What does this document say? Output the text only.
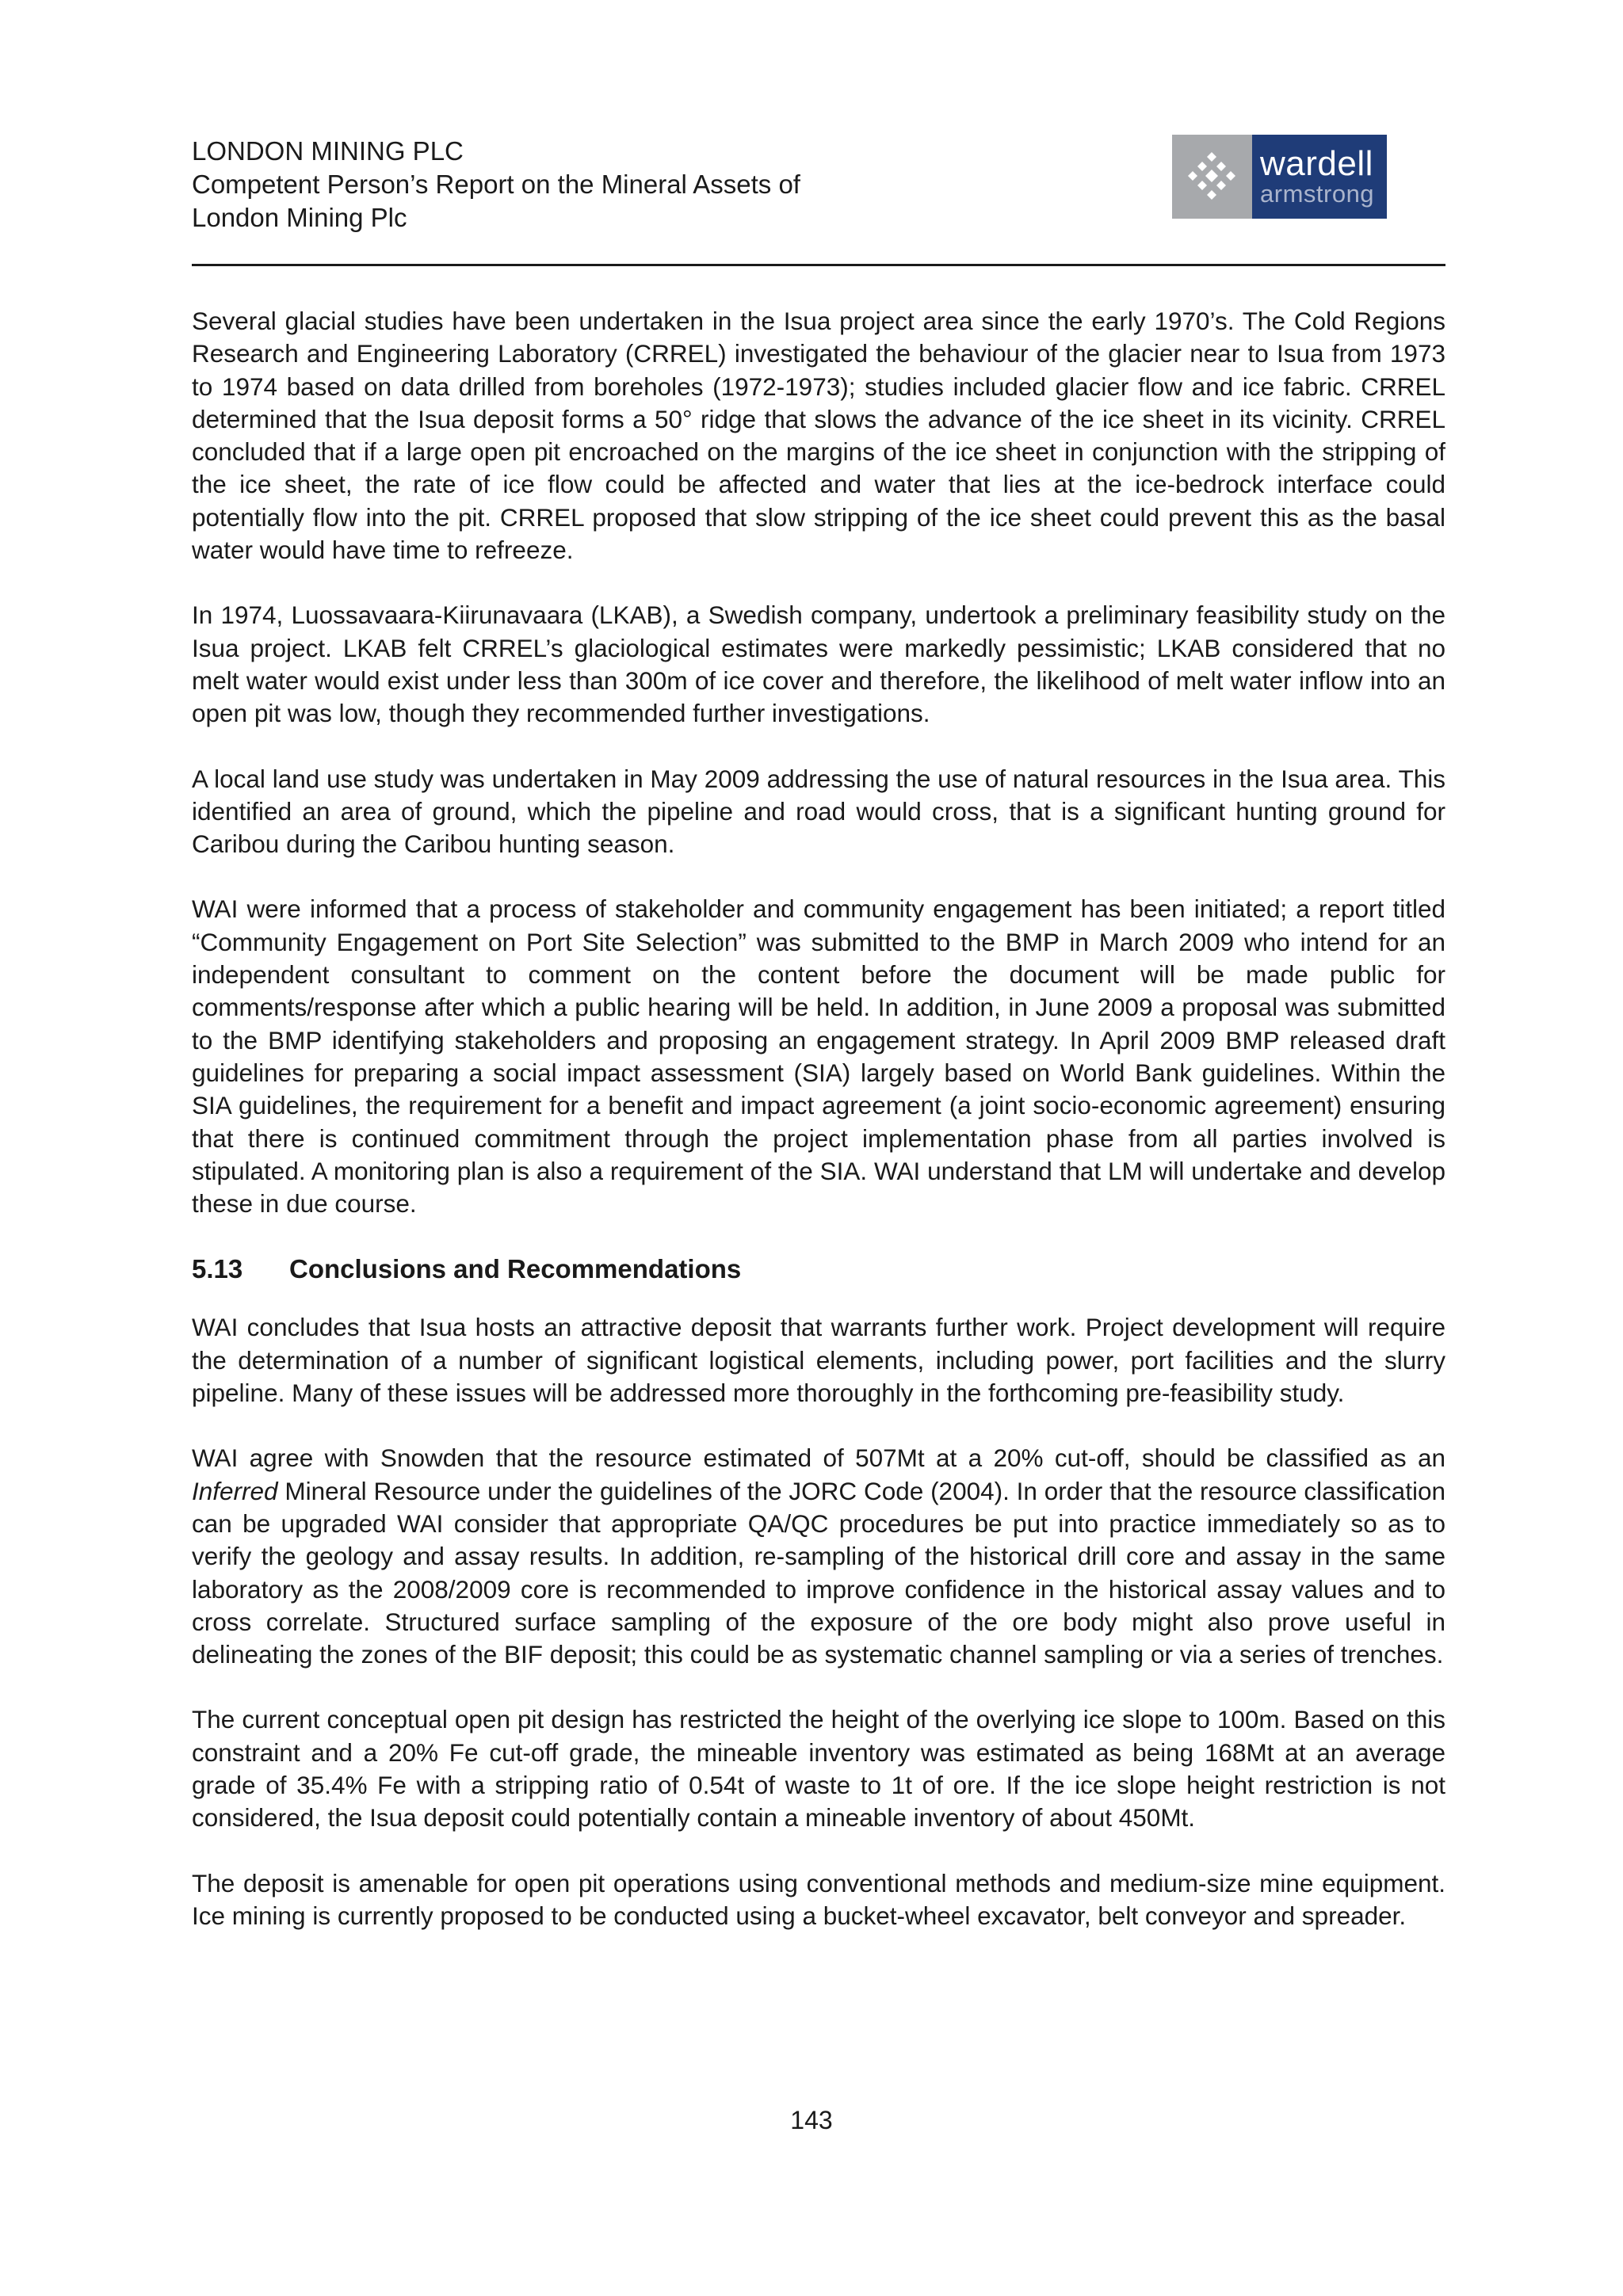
LONDON MINING PLC
Competent Person’s Report on the Mineral Assets of
London Mining Plc
wardell
armstrong

Several glacial studies have been undertaken in the Isua project area since the early 1970’s. The Cold Regions Research and Engineering Laboratory (CRREL) investigated the behaviour of the glacier near to Isua from 1973 to 1974 based on data drilled from boreholes (1972-1973); studies included glacier flow and ice fabric. CRREL determined that the Isua deposit forms a 50° ridge that slows the advance of the ice sheet in its vicinity. CRREL concluded that if a large open pit encroached on the margins of the ice sheet in conjunction with the stripping of the ice sheet, the rate of ice flow could be affected and water that lies at the ice-bedrock interface could potentially flow into the pit. CRREL proposed that slow stripping of the ice sheet could prevent this as the basal water would have time to refreeze.

In 1974, Luossavaara-Kiirunavaara (LKAB), a Swedish company, undertook a preliminary feasibility study on the Isua project. LKAB felt CRREL’s glaciological estimates were markedly pessimistic; LKAB considered that no melt water would exist under less than 300m of ice cover and therefore, the likelihood of melt water inflow into an open pit was low, though they recommended further investigations.

A local land use study was undertaken in May 2009 addressing the use of natural resources in the Isua area. This identified an area of ground, which the pipeline and road would cross, that is a significant hunting ground for Caribou during the Caribou hunting season.

WAI were informed that a process of stakeholder and community engagement has been initiated; a report titled “Community Engagement on Port Site Selection” was submitted to the BMP in March 2009 who intend for an independent consultant to comment on the content before the document will be made public for comments/response after which a public hearing will be held. In addition, in June 2009 a proposal was submitted to the BMP identifying stakeholders and proposing an engagement strategy. In April 2009 BMP released draft guidelines for preparing a social impact assessment (SIA) largely based on World Bank guidelines. Within the SIA guidelines, the requirement for a benefit and impact agreement (a joint socio-economic agreement) ensuring that there is continued commitment through the project implementation phase from all parties involved is stipulated. A monitoring plan is also a requirement of the SIA. WAI understand that LM will undertake and develop these in due course.

5.13	Conclusions and Recommendations

WAI concludes that Isua hosts an attractive deposit that warrants further work. Project development will require the determination of a number of significant logistical elements, including power, port facilities and the slurry pipeline. Many of these issues will be addressed more thoroughly in the forthcoming pre-feasibility study.

WAI agree with Snowden that the resource estimated of 507Mt at a 20% cut-off, should be classified as an Inferred Mineral Resource under the guidelines of the JORC Code (2004). In order that the resource classification can be upgraded WAI consider that appropriate QA/QC procedures be put into practice immediately so as to verify the geology and assay results. In addition, re-sampling of the historical drill core and assay in the same laboratory as the 2008/2009 core is recommended to improve confidence in the historical assay values and to cross correlate. Structured surface sampling of the exposure of the ore body might also prove useful in delineating the zones of the BIF deposit; this could be as systematic channel sampling or via a series of trenches.

The current conceptual open pit design has restricted the height of the overlying ice slope to 100m. Based on this constraint and a 20% Fe cut-off grade, the mineable inventory was estimated as being 168Mt at an average grade of 35.4% Fe with a stripping ratio of 0.54t of waste to 1t of ore. If the ice slope height restriction is not considered, the Isua deposit could potentially contain a mineable inventory of about 450Mt.

The deposit is amenable for open pit operations using conventional methods and medium-size mine equipment. Ice mining is currently proposed to be conducted using a bucket-wheel excavator, belt conveyor and spreader.

143
